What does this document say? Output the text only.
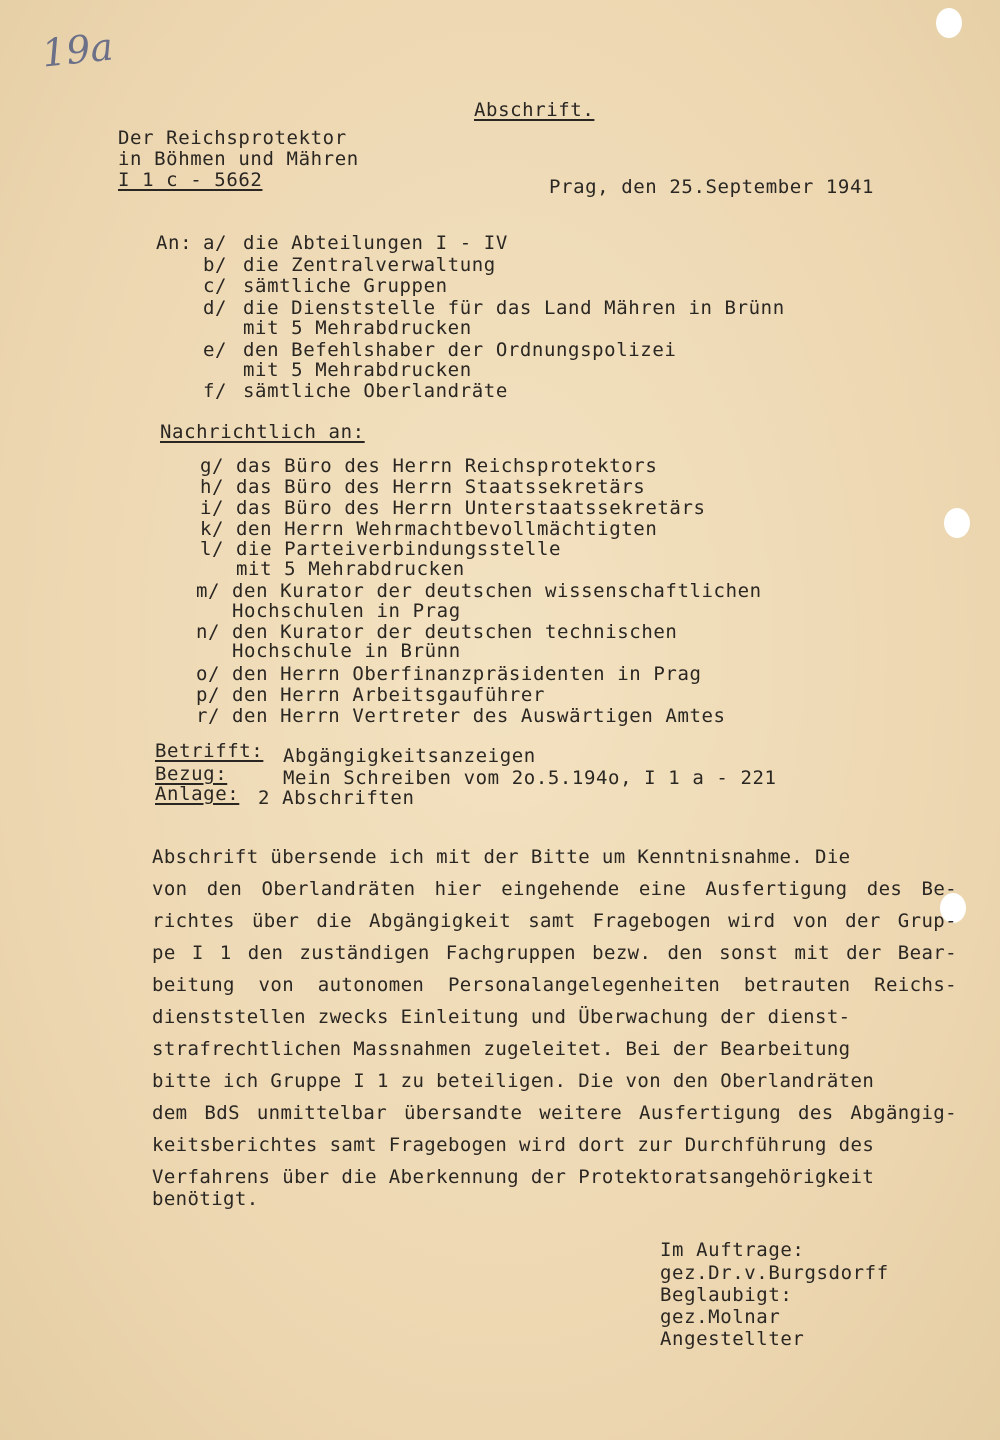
19a
Abschrift.
Der Reichsprotektor
in Böhmen und Mähren
I 1 c - 5662	Prag, den 25.September 1941
An: a/ die Abteilungen I - IV
b/ die Zentralverwaltung
c/ sämtliche Gruppen
d/ die Dienststelle für das Land Mähren in Brünn
mit 5 Mehrabdrucken
e/ den Befehlshaber der Ordnungspolizei
mit 5 Mehrabdrucken
f/ sämtliche Oberlandräte
Nachrichtlich an:
g/ das Büro des Herrn Reichsprotektors
h/ das Büro des Herrn Staatssekretärs
i/ das Büro des Herrn Unterstaatssekretärs
k/ den Herrn Wehrmachtbevollmächtigten
l/ die Parteiverbindungsstelle
mit 5 Mehrabdrucken
m/ den Kurator der deutschen wissenschaftlichen
Hochschulen in Prag
n/ den Kurator der deutschen technischen
Hochschule in Brünn
o/ den Herrn Oberfinanzpräsidenten in Prag
p/ den Herrn Arbeitsgauführer
r/ den Herrn Vertreter des Auswärtigen Amtes
Betrifft: Abgängigkeitsanzeigen
Bezug:	Mein Schreiben vom 2o.5.194o, I 1 a - 221
Anlage: 2 Abschriften
Abschrift übersende ich mit der Bitte um Kenntnisnahme. Die
von den Oberlandräten hier eingehende eine Ausfertigung des Be-
richtes über die Abgängigkeit samt Fragebogen wird von der Grup-
pe I 1 den zuständigen Fachgruppen bezw. den sonst mit der Bear-
beitung von autonomen Personalangelegenheiten betrauten Reichs-
dienststellen zwecks Einleitung und Überwachung der dienst-
strafrechtlichen Massnahmen zugeleitet. Bei der Bearbeitung
bitte ich Gruppe I 1 zu beteiligen. Die von den Oberlandräten
dem BdS unmittelbar übersandte weitere Ausfertigung des Abgängig-
keitsberichtes samt Fragebogen wird dort zur Durchführung des
Verfahrens über die Aberkennung der Protektoratsangehörigkeit
benötigt.
Im Auftrage:
gez.Dr.v.Burgsdorff
Beglaubigt:
gez.Molnar
Angestellter
